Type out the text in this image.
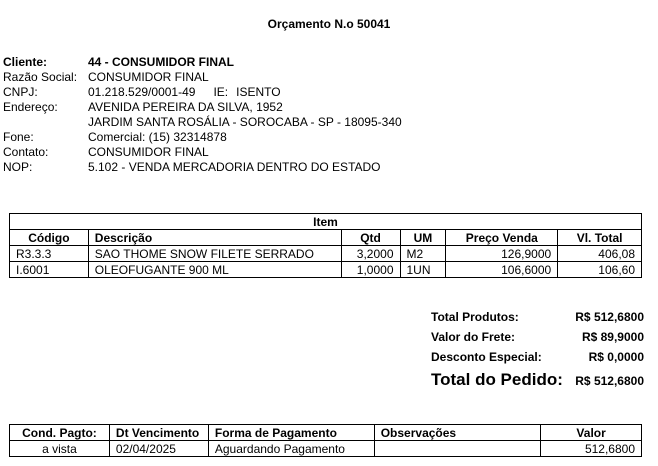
Orçamento N.o 50041
Cliente:	44 - CONSUMIDOR FINAL
Razão Social: CONSUMIDOR FINAL
CNPJ:	01.218.529/0001-49 IE: ISENTO
Endereço:	AVENIDA PEREIRA DA SILVA, 1952
JARDIM SANTA ROSÁLIA - SOROCABA - SP - 18095-340
Fone:	Comercial: (15) 32314878
Contato:	CONSUMIDOR FINAL
NOP:	5.102 - VENDA MERCADORIA DENTRO DO ESTADO
Item					
Código	Descrição	Qtd	UM	Preço Venda	Vl. Total
R3.3.3	SAO THOME SNOW FILETE SERRADO	3,2000	M2	126,9000	406,08
I.6001	OLEOFUGANTE 900 ML	1,0000	1UN	106,6000	106,60
Total Produtos:	R$ 512,6800
Valor do Frete:	R$ 89,9000
Desconto Especial:	R$ 0,0000
Total do Pedido: R$ 512,6800
Cond. Pagto:	Dt Vencimento	Forma de Pagamento	Observações	Valor
a vista	02/04/2025	Aguardando Pagamento		512,6800
